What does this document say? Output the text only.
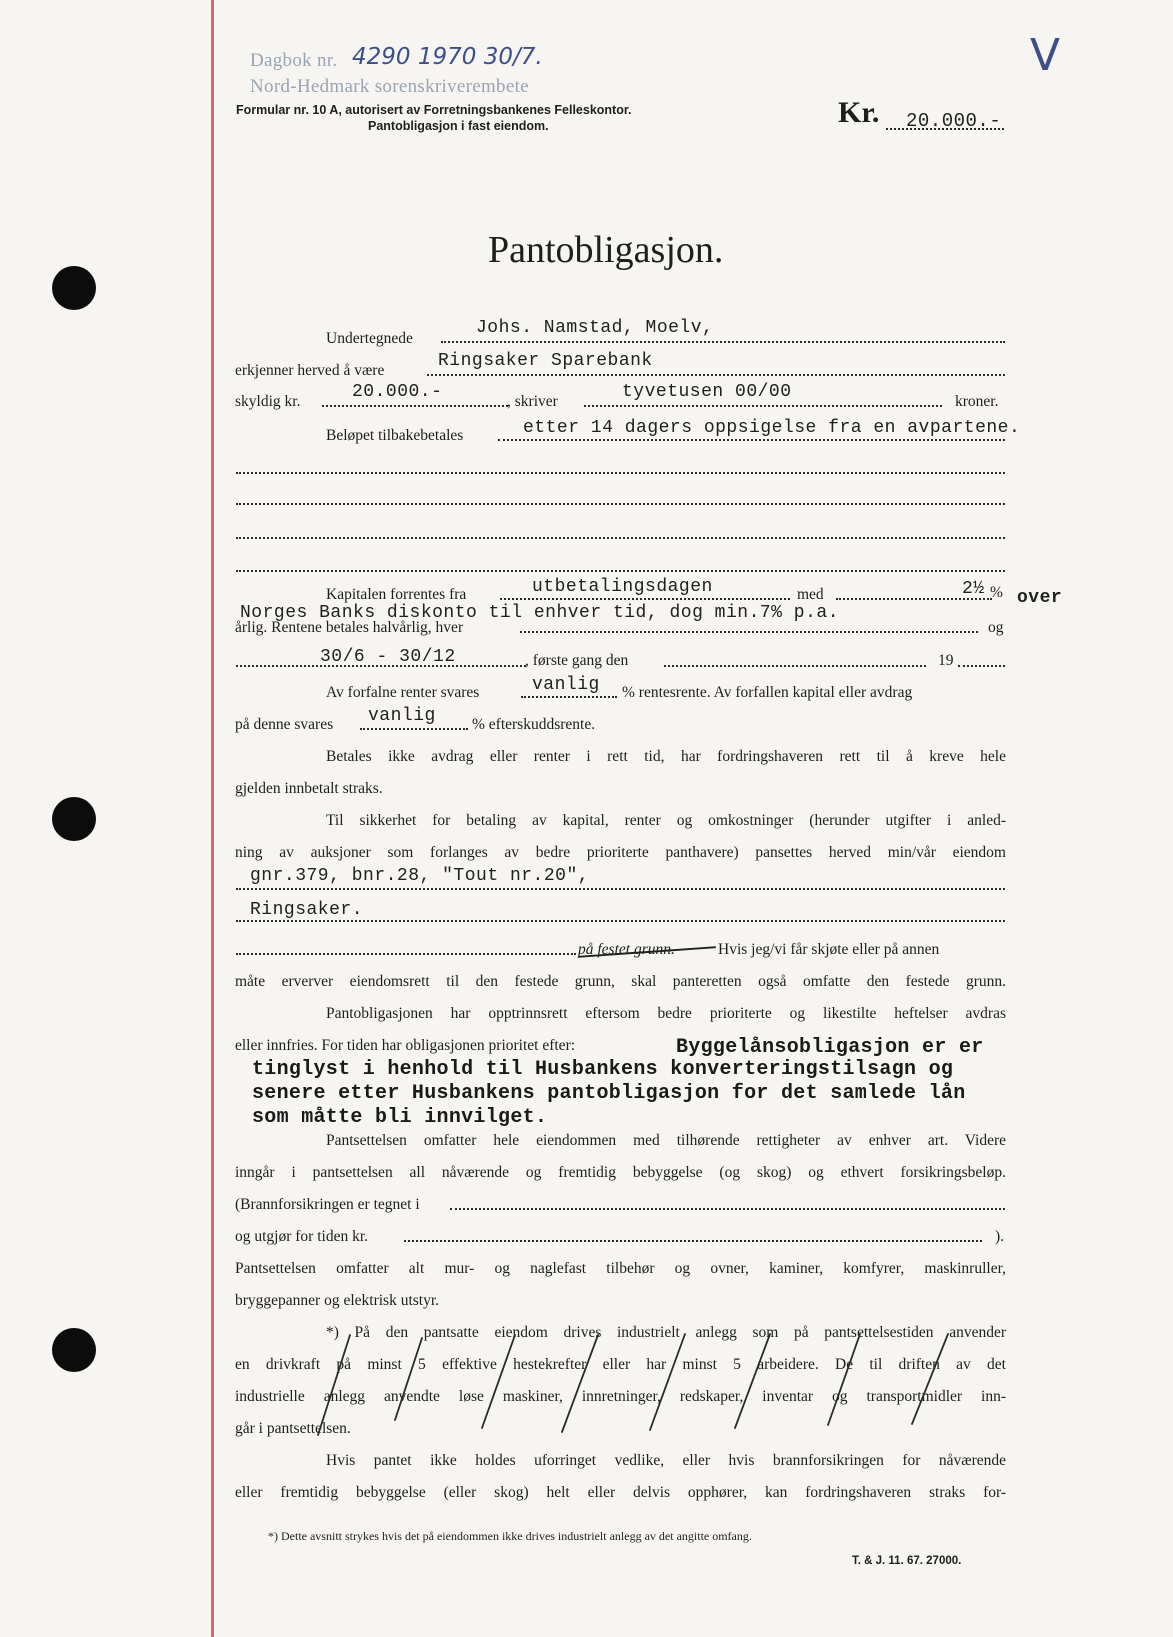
Dagbok nr. 4290 1970 30/7.
Nord-Hedmark sorenskriverembete
Formular nr. 10 A, autorisert av Forretningsbankenes Felleskontor.
Pantobligasjon i fast eiendom.	Kr. 20.000.-
V
Pantobligasjon.
Undertegnede
Johs. Namstad, Moelv,
erkjenner herved å være	Ringsaker Sparebank
skyldig kr.	20.000.-	, skriver	tyvetusen 00/00	kroner.
Beløpet tilbakebetales	etter 14 dagers oppsigelse fra en avpartene.
Kapitalen forrentes fra	utbetalingsdagen	med	2½ % over
Norges Banks diskonto til enhver tid, dog min.7% p.a.
årlig. Rentene betales halvårlig, hver	og
30/6 - 30/12	, første gang den	19
Av forfalne renter svares	vanlig % rentesrente. Av forfallen kapital eller avdrag
på denne svares vanlig % efterskuddsrente.
Betales ikke avdrag eller renter i rett tid, har fordringshaveren rett til å kreve hele
gjelden innbetalt straks.
Til sikkerhet for betaling av kapital, renter og omkostninger (herunder utgifter i anled-
ning av auksjoner som forlanges av bedre prioriterte panthavere) pansettes herved min/vår eiendom
gnr.379, bnr.28, "Tout nr.20",
Ringsaker.
på festet grunn.	Hvis jeg/vi får skjøte eller på annen
måte erverver eiendomsrett til den festede grunn, skal panteretten også omfatte den festede grunn.
Pantobligasjonen har opptrinnsrett eftersom bedre prioriterte og likestilte heftelser avdras
eller innfries. For tiden har obligasjonen prioritet efter:	Byggelånsobligasjon er er
tinglyst i henhold til Husbankens konverteringstilsagn og
senere etter Husbankens pantobligasjon for det samlede lån
som måtte bli innvilget.
Pantsettelsen omfatter hele eiendommen med tilhørende rettigheter av enhver art. Videre
inngår i pantsettelsen all nåværende og fremtidig bebyggelse (og skog) og ethvert forsikringsbeløp.
(Brannforsikringen er tegnet i
og utgjør for tiden kr.	).
Pantsettelsen omfatter alt mur- og naglefast tilbehør og ovner, kaminer, komfyrer, maskinruller,
bryggepanner og elektrisk utstyr.
*) På den pantsatte eiendom drives industrielt anlegg som på pantsettelsestiden anvender
en drivkraft på minst 5 effektive hestekrefter eller har minst 5 arbeidere. De til driften av det
industrielle anlegg anvendte løse maskiner, innretninger, redskaper, inventar og transportmidler inn-
går i pantsettelsen.
Hvis pantet ikke holdes uforringet vedlike, eller hvis brannforsikringen for nåværende
eller fremtidig bebyggelse (eller skog) helt eller delvis opphører, kan fordringshaveren straks for-
*) Dette avsnitt strykes hvis det på eiendommen ikke drives industrielt anlegg av det angitte omfang.
T. & J. 11. 67. 27000.
